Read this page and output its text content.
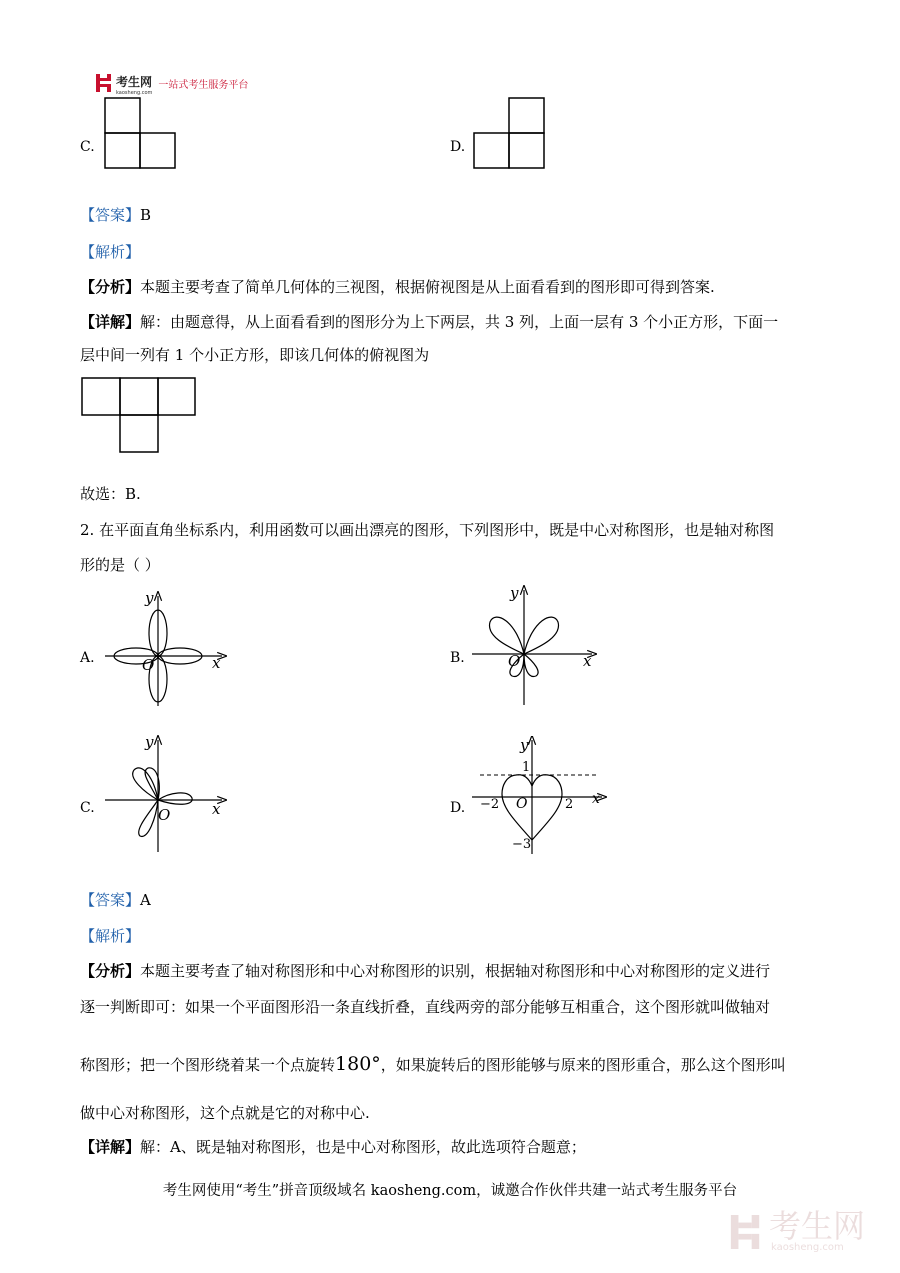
考生网
kaosheng.com
一站式考生服务平台
C.	D.
【答案】B
【解析】
【分析】本题主要考查了简单几何体的三视图，根据俯视图是从上面看看到的图形即可得到答案.
【详解】解：由题意得，从上面看看到的图形分为上下两层，共 3 列，上面一层有 3 个小正方形，下面一
层中间一列有 1 个小正方形，即该几何体的俯视图为
故选：B.
2. 在平面直角坐标系内，利用函数可以画出漂亮的图形，下列图形中，既是中心对称图形，也是轴对称图
形的是（ ）
A.
y
x
O	B.
y
x
O
C.
y
x
O	D.
y
x
1
−2	2
O
−3
【答案】A
【解析】
【分析】本题主要考查了轴对称图形和中心对称图形的识别，根据轴对称图形和中心对称图形的定义进行
逐一判断即可：如果一个平面图形沿一条直线折叠，直线两旁的部分能够互相重合，这个图形就叫做轴对
称图形；把一个图形绕着某一个点旋转180°，如果旋转后的图形能够与原来的图形重合，那么这个图形叫
做中心对称图形，这个点就是它的对称中心.
【详解】解：A、既是轴对称图形，也是中心对称图形，故此选项符合题意；
考生网使用“考生”拼音顶级域名 kaosheng.com，诚邀合作伙伴共建一站式考生服务平台
考生网
kaosheng.com
